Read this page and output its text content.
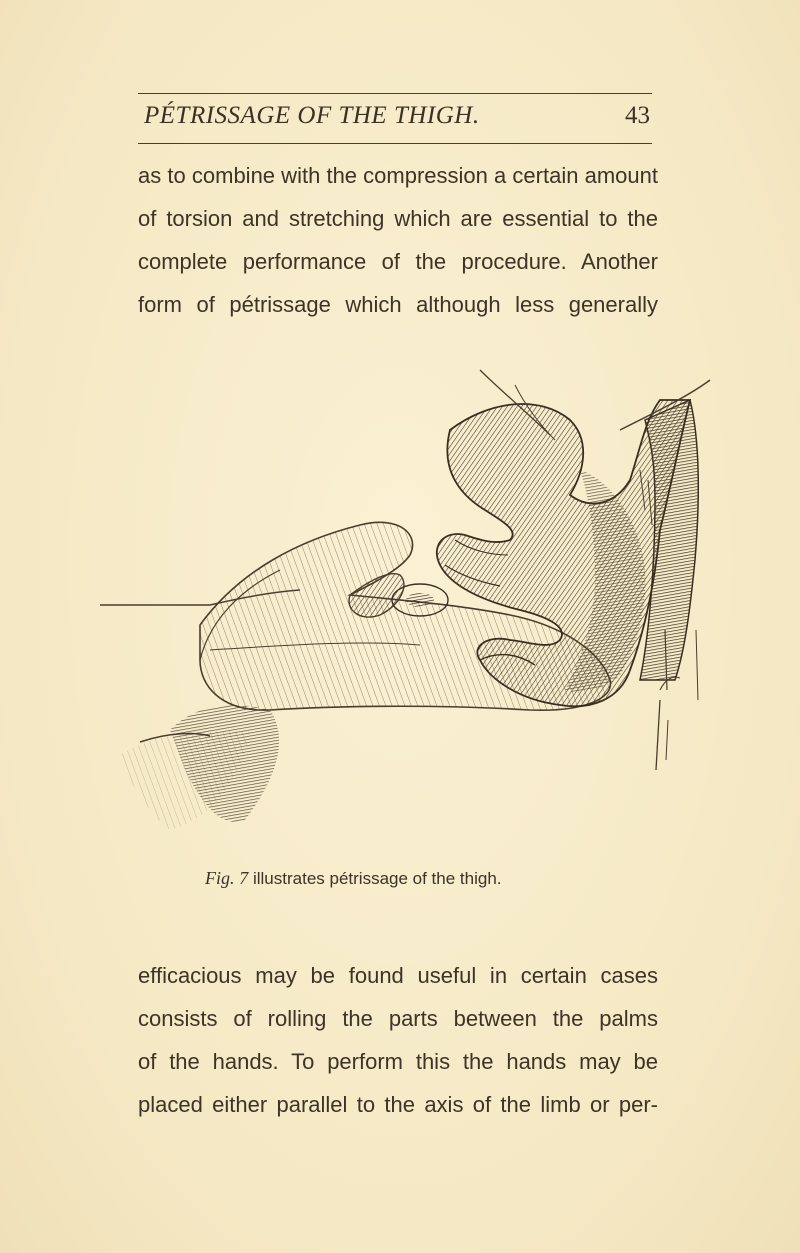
PÉTRISSAGE OF THE THIGH.	43

as to combine with the compression a certain amount
of torsion and stretching which are essential to the
complete performance of the procedure. Another
form of pétrissage which although less generally

Fig. 7 illustrates pétrissage of the thigh.

efficacious may be found useful in certain cases
consists of rolling the parts between the palms
of the hands. To perform this the hands may be
placed either parallel to the axis of the limb or per-
